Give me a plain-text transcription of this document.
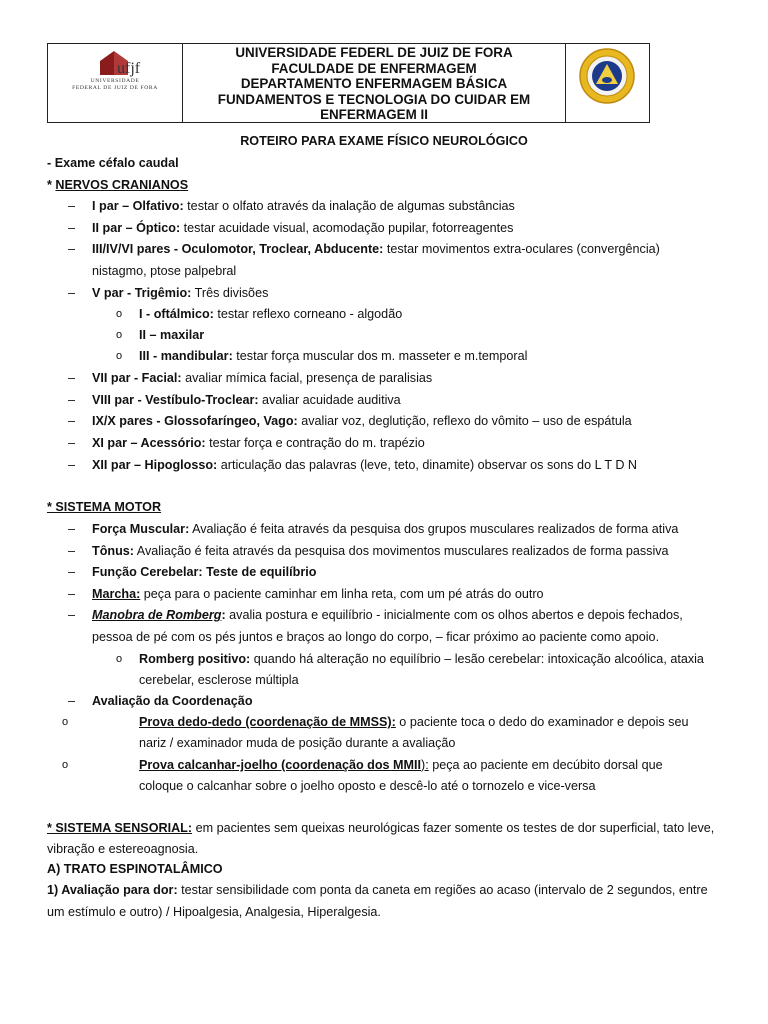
ufjf
UNIVERSIDADE
FEDERAL DE JUIZ DE FORA
UNIVERSIDADE FEDERL DE JUIZ DE FORA
FACULDADE DE ENFERMAGEM
DEPARTAMENTO ENFERMAGEM BÁSICA
FUNDAMENTOS E TECNOLOGIA DO CUIDAR EM
ENFERMAGEM II
ROTEIRO PARA EXAME FÍSICO NEUROLÓGICO
- Exame céfalo caudal
* NERVOS CRANIANOS
– I par – Olfativo: testar o olfato através da inalação de algumas substâncias
– II par – Óptico: testar acuidade visual, acomodação pupilar, fotorreagentes
– III/IV/VI pares - Oculomotor, Troclear, Abducente: testar movimentos extra-oculares (convergência)
nistagmo, ptose palpebral
– V par - Trigêmio: Três divisões
o I - oftálmico: testar reflexo corneano - algodão
o II – maxilar
o III - mandibular: testar força muscular dos m. masseter e m.temporal
– VII par - Facial: avaliar mímica facial, presença de paralisias
– VIII par - Vestíbulo-Troclear: avaliar acuidade auditiva
– IX/X pares - Glossofaríngeo, Vago: avaliar voz, deglutição, reflexo do vômito – uso de espátula
– XI par – Acessório: testar força e contração do m. trapézio
– XII par – Hipoglosso: articulação das palavras (leve, teto, dinamite) observar os sons do L T D N
* SISTEMA MOTOR
– Força Muscular: Avaliação é feita através da pesquisa dos grupos musculares realizados de forma ativa
– Tônus: Avaliação é feita através da pesquisa dos movimentos musculares realizados de forma passiva
– Função Cerebelar: Teste de equilíbrio
– Marcha: peça para o paciente caminhar em linha reta, com um pé atrás do outro
– Manobra de Romberg: avalia postura e equilíbrio - inicialmente com os olhos abertos e depois fechados,
pessoa de pé com os pés juntos e braços ao longo do corpo, – ficar próximo ao paciente como apoio.
o Romberg positivo: quando há alteração no equilíbrio – lesão cerebelar: intoxicação alcoólica, ataxia
cerebelar, esclerose múltipla
– Avaliação da Coordenação
o	Prova dedo-dedo (coordenação de MMSS): o paciente toca o dedo do examinador e depois seu
nariz / examinador muda de posição durante a avaliação
o	Prova calcanhar-joelho (coordenação dos MMII): peça ao paciente em decúbito dorsal que
coloque o calcanhar sobre o joelho oposto e descê-lo até o tornozelo e vice-versa
* SISTEMA SENSORIAL: em pacientes sem queixas neurológicas fazer somente os testes de dor superficial, tato leve,
vibração e estereoagnosia.
A) TRATO ESPINOTALÂMICO
1) Avaliação para dor: testar sensibilidade com ponta da caneta em regiões ao acaso (intervalo de 2 segundos, entre
um estímulo e outro) / Hipoalgesia, Analgesia, Hiperalgesia.
